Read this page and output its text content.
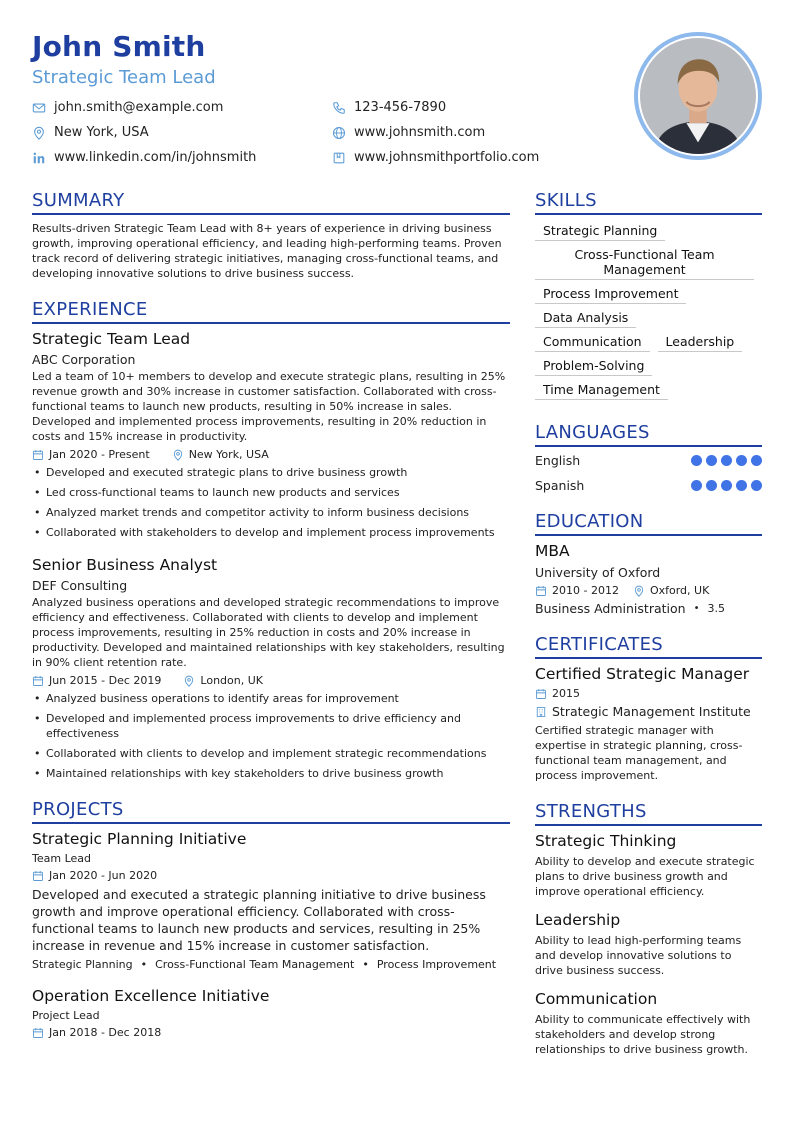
John Smith
Strategic Team Lead
john.smith@example.com	123-456-7890
New York, USA	www.johnsmith.com
www.linkedin.com/in/johnsmith	www.johnsmithportfolio.com
SUMMARY
Results-driven Strategic Team Lead with 8+ years of experience in driving business growth, improving operational efficiency, and leading high-performing teams. Proven track record of delivering strategic initiatives, managing cross-functional teams, and developing innovative solutions to drive business success.
EXPERIENCE
Strategic Team Lead
ABC Corporation
Led a team of 10+ members to develop and execute strategic plans, resulting in 25% revenue growth and 30% increase in customer satisfaction. Collaborated with cross-functional teams to launch new products, resulting in 50% increase in sales. Developed and implemented process improvements, resulting in 20% reduction in costs and 15% increase in productivity.
Jan 2020 - Present	New York, USA
• Developed and executed strategic plans to drive business growth
• Led cross-functional teams to launch new products and services
• Analyzed market trends and competitor activity to inform business decisions
• Collaborated with stakeholders to develop and implement process improvements
Senior Business Analyst
DEF Consulting
Analyzed business operations and developed strategic recommendations to improve efficiency and effectiveness. Collaborated with clients to develop and implement process improvements, resulting in 25% reduction in costs and 20% increase in productivity. Developed and maintained relationships with key stakeholders, resulting in 90% client retention rate.
Jun 2015 - Dec 2019	London, UK
• Analyzed business operations to identify areas for improvement
• Developed and implemented process improvements to drive efficiency and effectiveness
• Collaborated with clients to develop and implement strategic recommendations
• Maintained relationships with key stakeholders to drive business growth
PROJECTS
Strategic Planning Initiative
Team Lead
Jan 2020 - Jun 2020
Developed and executed a strategic planning initiative to drive business growth and improve operational efficiency. Collaborated with cross-functional teams to launch new products and services, resulting in 25% increase in revenue and 15% increase in customer satisfaction.
Strategic Planning • Cross-Functional Team Management • Process Improvement
Operation Excellence Initiative
Project Lead
Jan 2018 - Dec 2018
SKILLS
Strategic Planning
Cross-Functional Team Management
Process Improvement
Data Analysis
Communication	Leadership
Problem-Solving
Time Management
LANGUAGES
English
Spanish
EDUCATION
MBA
University of Oxford
2010 - 2012	Oxford, UK
Business Administration • 3.5
CERTIFICATES
Certified Strategic Manager
2015
Strategic Management Institute
Certified strategic manager with expertise in strategic planning, cross-functional team management, and process improvement.
STRENGTHS
Strategic Thinking
Ability to develop and execute strategic plans to drive business growth and improve operational efficiency.
Leadership
Ability to lead high-performing teams and develop innovative solutions to drive business success.
Communication
Ability to communicate effectively with stakeholders and develop strong relationships to drive business growth.
